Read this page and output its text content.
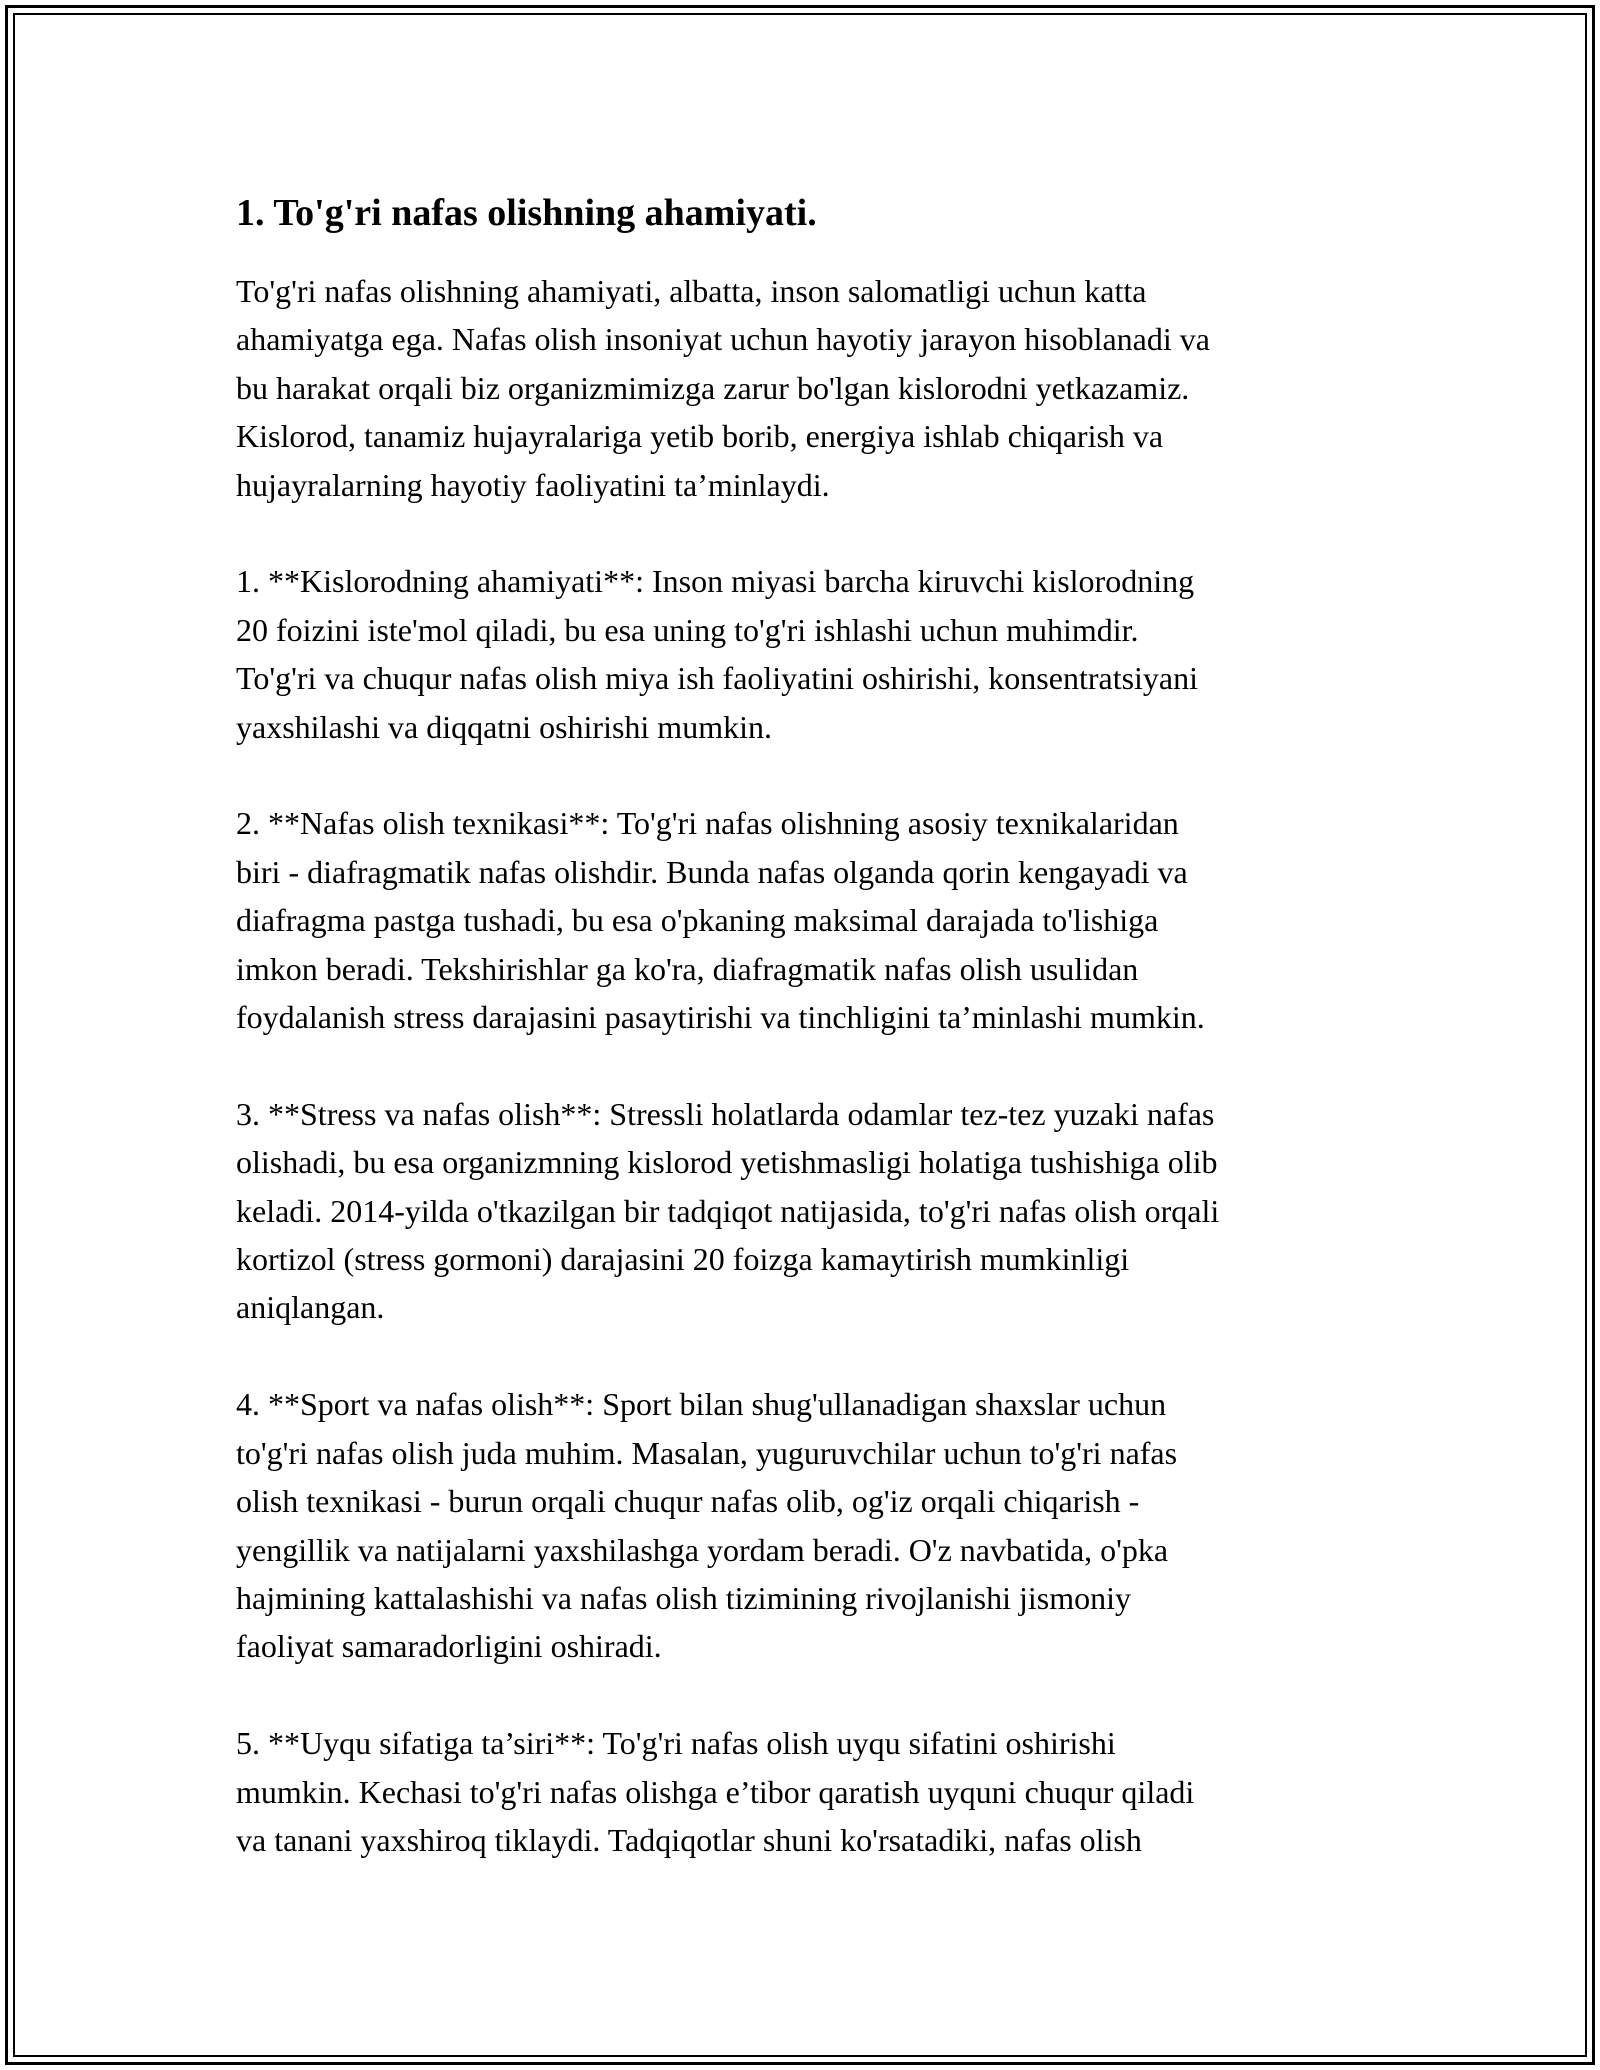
1. To'g'ri nafas olishning ahamiyati.
To'g'ri nafas olishning ahamiyati, albatta, inson salomatligi uchun katta
ahamiyatga ega. Nafas olish insoniyat uchun hayotiy jarayon hisoblanadi va
bu harakat orqali biz organizmimizga zarur bo'lgan kislorodni yetkazamiz.
Kislorod, tanamiz hujayralariga yetib borib, energiya ishlab chiqarish va
hujayralarning hayotiy faoliyatini ta’minlaydi.
1. **Kislorodning ahamiyati**: Inson miyasi barcha kiruvchi kislorodning
20 foizini iste'mol qiladi, bu esa uning to'g'ri ishlashi uchun muhimdir.
To'g'ri va chuqur nafas olish miya ish faoliyatini oshirishi, konsentratsiyani
yaxshilashi va diqqatni oshirishi mumkin.
2. **Nafas olish texnikasi**: To'g'ri nafas olishning asosiy texnikalaridan
biri - diafragmatik nafas olishdir. Bunda nafas olganda qorin kengayadi va
diafragma pastga tushadi, bu esa o'pkaning maksimal darajada to'lishiga
imkon beradi. Tekshirishlar ga ko'ra, diafragmatik nafas olish usulidan
foydalanish stress darajasini pasaytirishi va tinchligini ta’minlashi mumkin.
3. **Stress va nafas olish**: Stressli holatlarda odamlar tez-tez yuzaki nafas
olishadi, bu esa organizmning kislorod yetishmasligi holatiga tushishiga olib
keladi. 2014-yilda o'tkazilgan bir tadqiqot natijasida, to'g'ri nafas olish orqali
kortizol (stress gormoni) darajasini 20 foizga kamaytirish mumkinligi
aniqlangan.
4. **Sport va nafas olish**: Sport bilan shug'ullanadigan shaxslar uchun
to'g'ri nafas olish juda muhim. Masalan, yuguruvchilar uchun to'g'ri nafas
olish texnikasi - burun orqali chuqur nafas olib, og'iz orqali chiqarish -
yengillik va natijalarni yaxshilashga yordam beradi. O'z navbatida, o'pka
hajmining kattalashishi va nafas olish tizimining rivojlanishi jismoniy
faoliyat samaradorligini oshiradi.
5. **Uyqu sifatiga ta’siri**: To'g'ri nafas olish uyqu sifatini oshirishi
mumkin. Kechasi to'g'ri nafas olishga e’tibor qaratish uyquni chuqur qiladi
va tanani yaxshiroq tiklaydi. Tadqiqotlar shuni ko'rsatadiki, nafas olish
